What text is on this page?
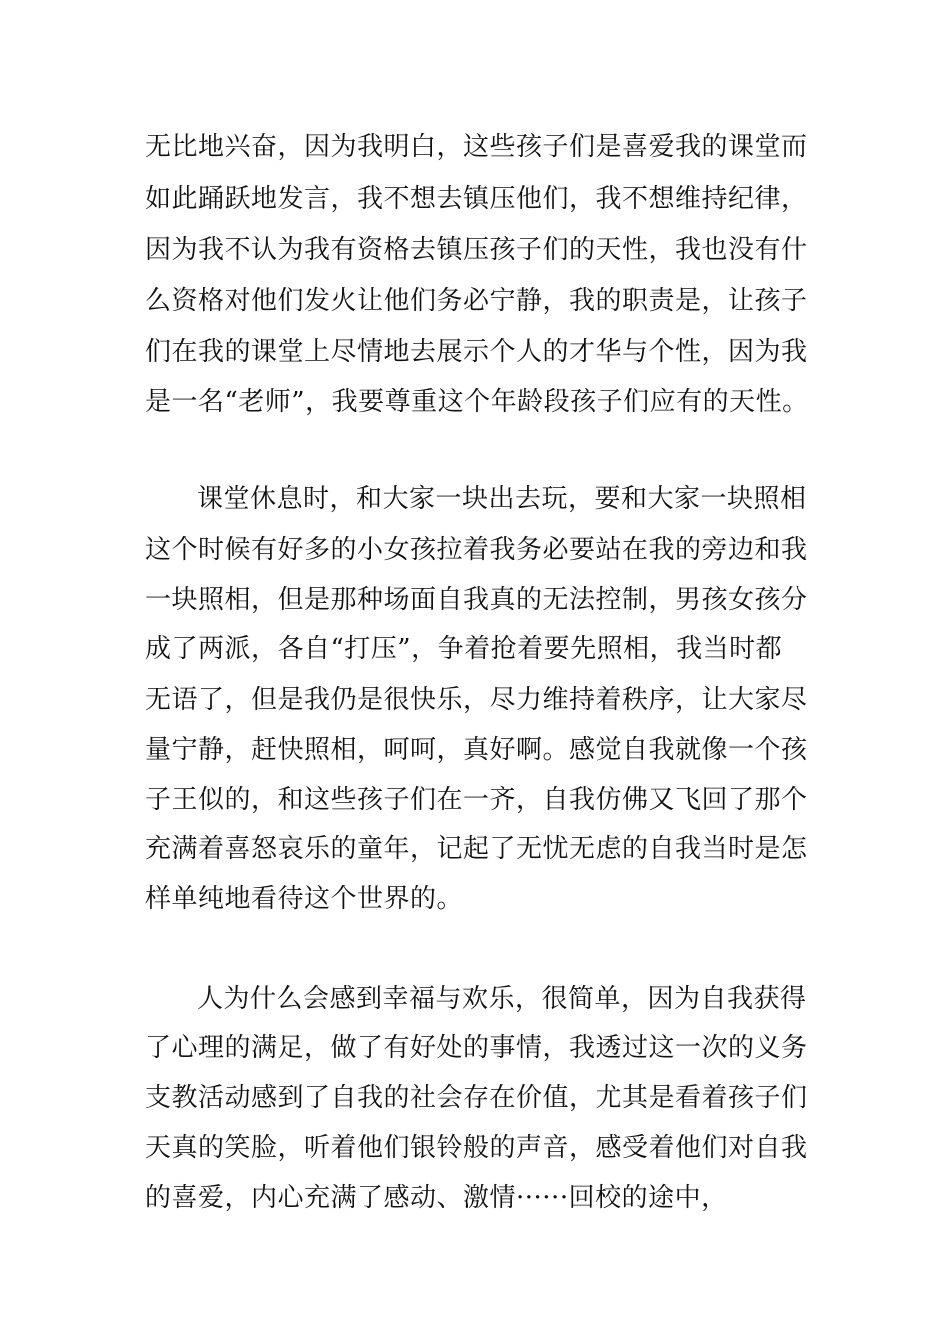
无比地兴奋，因为我明白，这些孩子们是喜爱我的课堂而
如此踊跃地发言，我不想去镇压他们，我不想维持纪律，
因为我不认为我有资格去镇压孩子们的天性，我也没有什
么资格对他们发火让他们务必宁静，我的职责是，让孩子
们在我的课堂上尽情地去展示个人的才华与个性，因为我
是一名“老师”，我要尊重这个年龄段孩子们应有的天性。
课堂休息时，和大家一块出去玩，要和大家一块照相
这个时候有好多的小女孩拉着我务必要站在我的旁边和我
一块照相，但是那种场面自我真的无法控制，男孩女孩分
成了两派，各自“打压”，争着抢着要先照相，我当时都
无语了，但是我仍是很快乐，尽力维持着秩序，让大家尽
量宁静，赶快照相，呵呵，真好啊。感觉自我就像一个孩
子王似的，和这些孩子们在一齐，自我仿佛又飞回了那个
充满着喜怒哀乐的童年，记起了无忧无虑的自我当时是怎
样单纯地看待这个世界的。
人为什么会感到幸福与欢乐，很简单，因为自我获得
了心理的满足，做了有好处的事情，我透过这一次的义务
支教活动感到了自我的社会存在价值，尤其是看着孩子们
天真的笑脸，听着他们银铃般的声音，感受着他们对自我
的喜爱，内心充满了感动、激情······回校的途中，
